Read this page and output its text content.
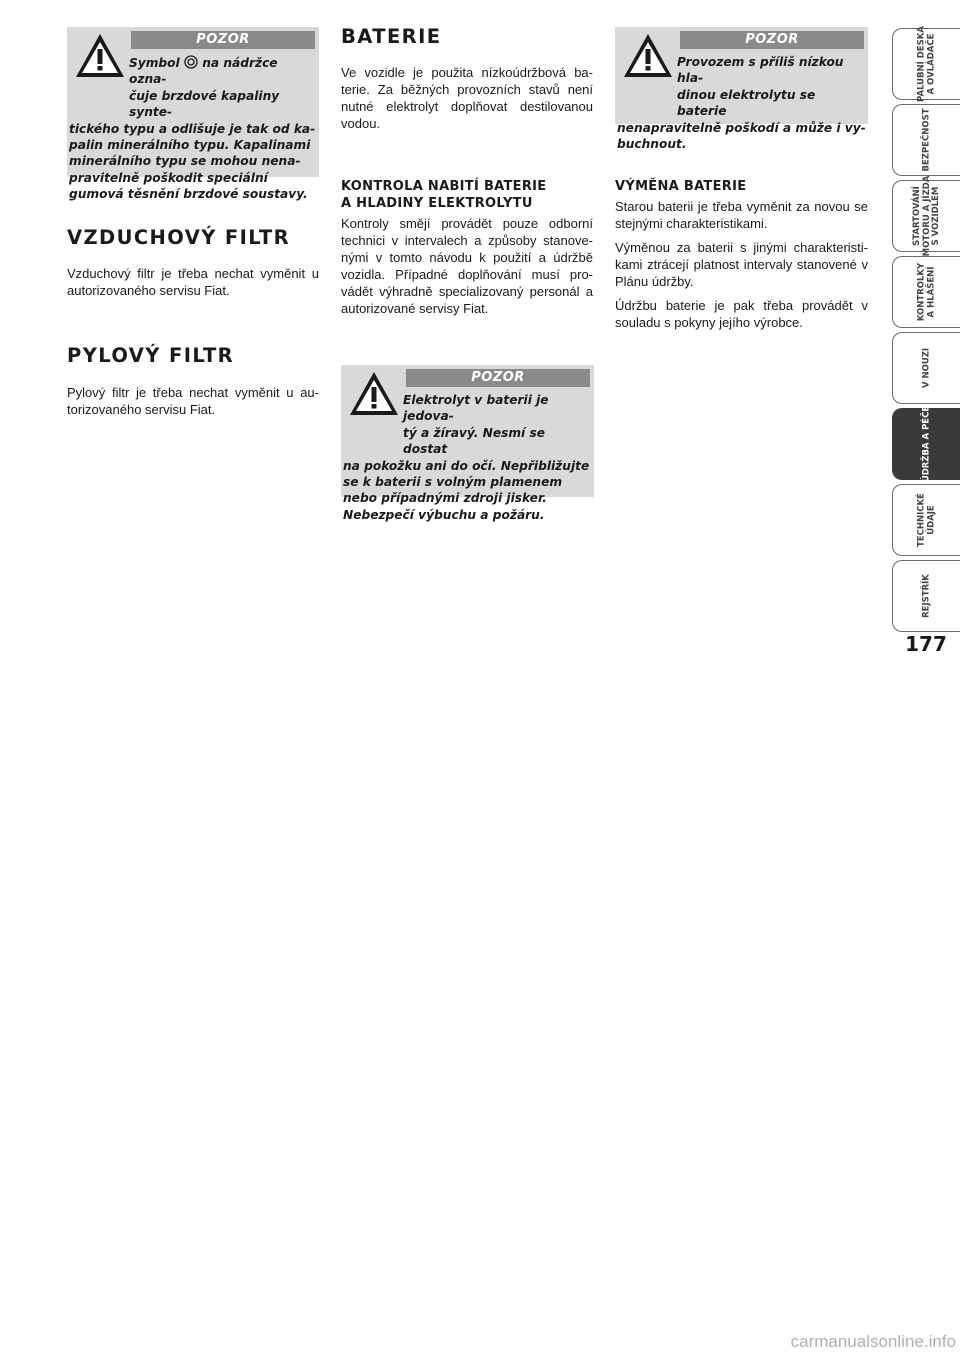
POZOR
Symbol na nádržce ozna-
čuje brzdové kapaliny synte-
tického typu a odlišuje je tak od ka-palin minerálního typu. Kapalinami minerálního typu se mohou nena-pravitelně poškodit speciální gumová těsnění brzdové soustavy.
VZDUCHOVÝ FILTR

Vzduchový filtr je třeba nechat vyměnit u autorizovaného servisu Fiat.

PYLOVÝ FILTR

Pylový filtr je třeba nechat vyměnit u au-torizovaného servisu Fiat.

BATERIE

Ve vozidle je použita nízkoúdržbová ba-terie. Za běžných provozních stavů není nutné elektrolyt doplňovat destilovanou vodou.

KONTROLA NABITÍ BATERIE
A HLADINY ELEKTROLYTU

Kontroly smějí provádět pouze odborní technici v intervalech a způsoby stanove-nými v tomto návodu k použití a údržbě vozidla. Případné doplňování musí pro-vádět výhradně specializovaný personál a autorizované servisy Fiat.

POZOR
Elektrolyt v baterii je jedova-
tý a žíravý. Nesmí se dostat
na pokožku ani do očí. Nepřibližujte se k baterii s volným plamenem nebo případnými zdroji jisker. Nebezpečí výbuchu a požáru.
POZOR
Provozem s příliš nízkou hla-
dinou elektrolytu se baterie
nenapravitelně poškodí a může i vy-buchnout.
VÝMĚNA BATERIE

Starou baterii je třeba vyměnit za novou se stejnými charakteristikami.

Výměnou za baterii s jinými charakteristi-kami ztrácejí platnost intervaly stanovené v Plánu údržby.

Údržbu baterie je pak třeba provádět v souladu s pokyny jejího výrobce.

PALUBNÍ DESKA
A OVLÁDAČE
BEZPEČNOST
STARTOVÁNÍ
MOTORU A JÍZDA
S VOZIDLEM
KONTROLKY
A HLÁŠENÍ
V NOUZI
ÚDRŽBA A PÉČE
TECHNICKÉ
ÚDAJE
REJSTŘÍK
177
carmanualsonline.info
